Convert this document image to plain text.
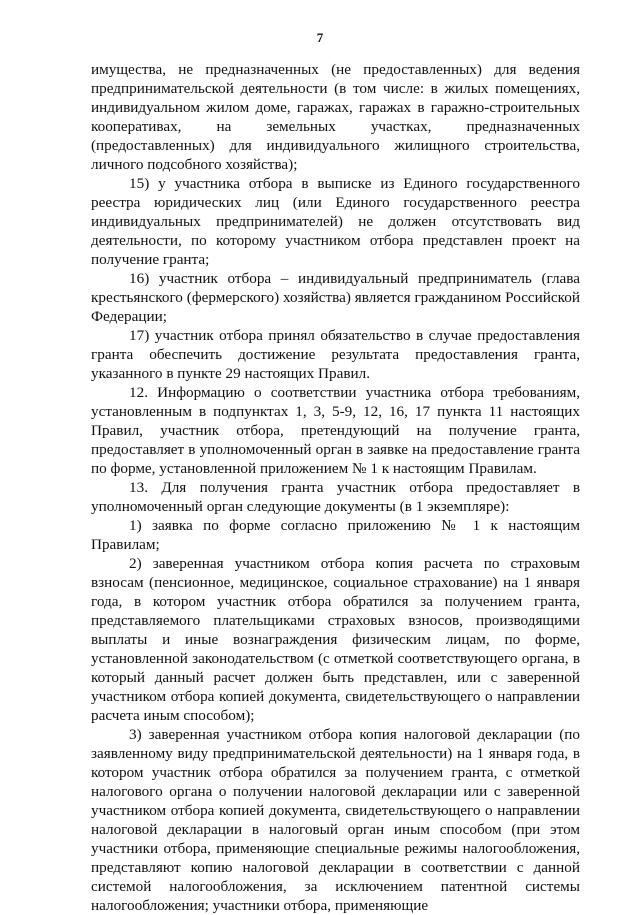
7

имущества, не предназначенных (не предоставленных) для ведения предпринимательской деятельности (в том числе: в жилых помещениях, индивидуальном жилом доме, гаражах, гаражах в гаражно-строительных кооперативах, на земельных участках, предназначенных (предоставленных) для индивидуального жилищного строительства, личного подсобного хозяйства);

15) у участника отбора в выписке из Единого государственного реестра юридических лиц (или Единого государственного реестра индивидуальных предпринимателей) не должен отсутствовать вид деятельности, по которому участником отбора представлен проект на получение гранта;

16) участник отбора – индивидуальный предприниматель (глава крестьянского (фермерского) хозяйства) является гражданином Российской Федерации;

17) участник отбора принял обязательство в случае предоставления гранта обеспечить достижение результата предоставления гранта, указанного в пункте 29 настоящих Правил.

12. Информацию о соответствии участника отбора требованиям, установленным в подпунктах 1, 3, 5-9, 12, 16, 17 пункта 11 настоящих Правил, участник отбора, претендующий на получение гранта, предоставляет в уполномоченный орган в заявке на предоставление гранта по форме, установленной приложением № 1 к настоящим Правилам.

13. Для получения гранта участник отбора предоставляет в уполномоченный орган следующие документы (в 1 экземпляре):

1) заявка по форме согласно приложению № 1 к настоящим Правилам;

2) заверенная участником отбора копия расчета по страховым взносам (пенсионное, медицинское, социальное страхование) на 1 января года, в котором участник отбора обратился за получением гранта, представляемого плательщиками страховых взносов, производящими выплаты и иные вознаграждения физическим лицам, по форме, установленной законодательством (с отметкой соответствующего органа, в который данный расчет должен быть представлен, или с заверенной участником отбора копией документа, свидетельствующего о направлении расчета иным способом);

3) заверенная участником отбора копия налоговой декларации (по заявленному виду предпринимательской деятельности) на 1 января года, в котором участник отбора обратился за получением гранта, с отметкой налогового органа о получении налоговой декларации или с заверенной участником отбора копией документа, свидетельствующего о направлении налоговой декларации в налоговый орган иным способом (при этом участники отбора, применяющие специальные режимы налогообложения, представляют копию налоговой декларации в соответствии с данной системой налогообложения, за исключением патентной системы налогообложения; участники отбора, применяющие
